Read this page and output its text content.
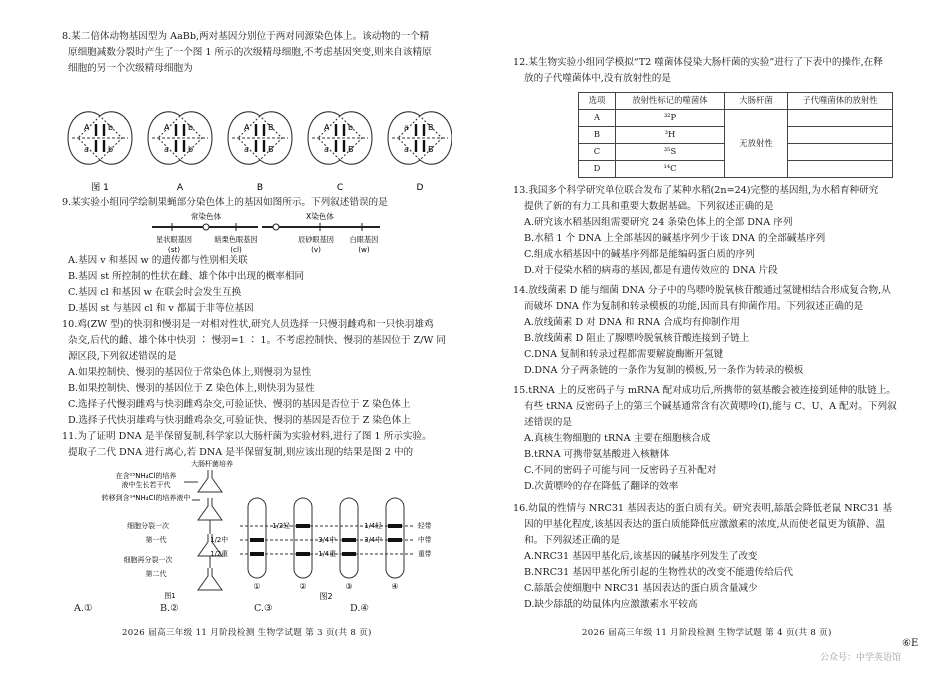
8.某二倍体动物基因型为 AaBb,两对基因分别位于两对同源染色体上。该动物的一个精
原细胞减数分裂时产生了一个图 1 所示的次级精母细胞,不考虑基因突变,则来自该精原
细胞的另一个次级精母细胞为
A b
a b
A b
a b
A B
a B
A b
a B
a B
a B
图 1	A	B	C	D
9.某实验小组同学绘制果蝇部分染色体上的基因如图所示。下列叙述错误的是
常染色体	X染色体
星状眼基因
(st)
暗栗色眼基因
(cl)
辰砂眼基因
(v)
白眼基因
(w)
A.基因 v 和基因 w 的遗传都与性别相关联
B.基因 st 所控制的性状在雌、雄个体中出现的概率相同
C.基因 cl 和基因 w 在联会时会发生互换
D.基因 st 与基因 cl 和 v 都属于非等位基因
10.鸡(ZW 型)的快羽和慢羽是一对相对性状,研究人员选择一只慢羽雌鸡和一只快羽雄鸡
杂交,后代的雌、雄个体中快羽 ∶ 慢羽=1 ∶ 1。不考虑控制快、慢羽的基因位于 Z/W 同
源区段,下列叙述错误的是
A.如果控制快、慢羽的基因位于常染色体上,则慢羽为显性
B.如果控制快、慢羽的基因位于 Z 染色体上,则快羽为显性
C.选择子代慢羽雌鸡与快羽雌鸡杂交,可验证快、慢羽的基因是否位于 Z 染色体上
D.选择子代快羽雄鸡与快羽雌鸡杂交,可验证快、慢羽的基因是否位于 Z 染色体上
11.为了证明 DNA 是半保留复制,科学家以大肠杆菌为实验材料,进行了图 1 所示实验。
提取子二代 DNA 进行离心,若 DNA 是半保留复制,则应该出现的结果是图 2 中的
大肠杆菌培养
在含¹⁵NH₄Cl的培养
液中生长若干代
转移到含¹⁴NH₄Cl的培养液中
细胞分裂一次
第一代
细胞再分裂一次
第二代
图1
1/2中
1/2重
1/2轻
3/4中
1/4重
1/4轻
3/4中
轻带
中带
重带
①	②	③	④
图2
A.①	B.②	C.③	D.④
2026 届高三年级 11 月阶段检测 生物学试题 第 3 页(共 8 页)
12.某生物实验小组同学模拟“T2 噬菌体侵染大肠杆菌的实验”进行了下表中的操作,在释
放的子代噬菌体中,没有放射性的是
选项	放射性标记的噬菌体	大肠杆菌	子代噬菌体的放射性
A	³²P	无放射性	
B	³H		
C	³⁵S		
D	¹⁴C		
13.我国多个科学研究单位联合发布了某种水稻(2n=24)完整的基因组,为水稻育种研究
提供了新的有力工具和重要大数据基础。下列叙述正确的是
A.研究该水稻基因组需要研究 24 条染色体上的全部 DNA 序列
B.水稻 1 个 DNA 上全部基因的碱基序列少于该 DNA 的全部碱基序列
C.组成水稻基因中的碱基序列都是能编码蛋白质的序列
D.对于侵染水稻的病毒的基因,都是有遗传效应的 DNA 片段
14.放线菌素 D 能与细菌 DNA 分子中的鸟嘌呤脱氧核苷酸通过氢键相结合形成复合物,从
而破坏 DNA 作为复制和转录模板的功能,因而具有抑菌作用。下列叙述正确的是
A.放线菌素 D 对 DNA 和 RNA 合成均有抑制作用
B.放线菌素 D 阻止了腺嘌呤脱氧核苷酸连接到子链上
C.DNA 复制和转录过程都需要解旋酶断开氢键
D.DNA 分子两条链的一条作为复制的模板,另一条作为转录的模板
15.tRNA 上的反密码子与 mRNA 配对成功后,所携带的氨基酸会被连接到延伸的肽链上。
有些 tRNA 反密码子上的第三个碱基通常含有次黄嘌呤(I),能与 C、U、A 配对。下列叙
述错误的是
A.真核生物细胞的 tRNA 主要在细胞核合成
B.tRNA 可携带氨基酸进入核糖体
C.不同的密码子可能与同一反密码子互补配对
D.次黄嘌呤的存在降低了翻译的效率
16.幼鼠的性情与 NRC31 基因表达的蛋白质有关。研究表明,舔舐会降低老鼠 NRC31 基
因的甲基化程度,该基因表达的蛋白质能降低应激激素的浓度,从而使老鼠更为镇静、温
和。下列叙述正确的是
A.NRC31 基因甲基化后,该基因的碱基序列发生了改变
B.NRC31 基因甲基化所引起的生物性状的改变不能遗传给后代
C.舔舐会使细胞中 NRC31 基因表达的蛋白质含量减少
D.缺少舔舐的幼鼠体内应激激素水平较高
2026 届高三年级 11 月阶段检测 生物学试题 第 4 页(共 8 页)
⑥E
公众号：中学英语馆
